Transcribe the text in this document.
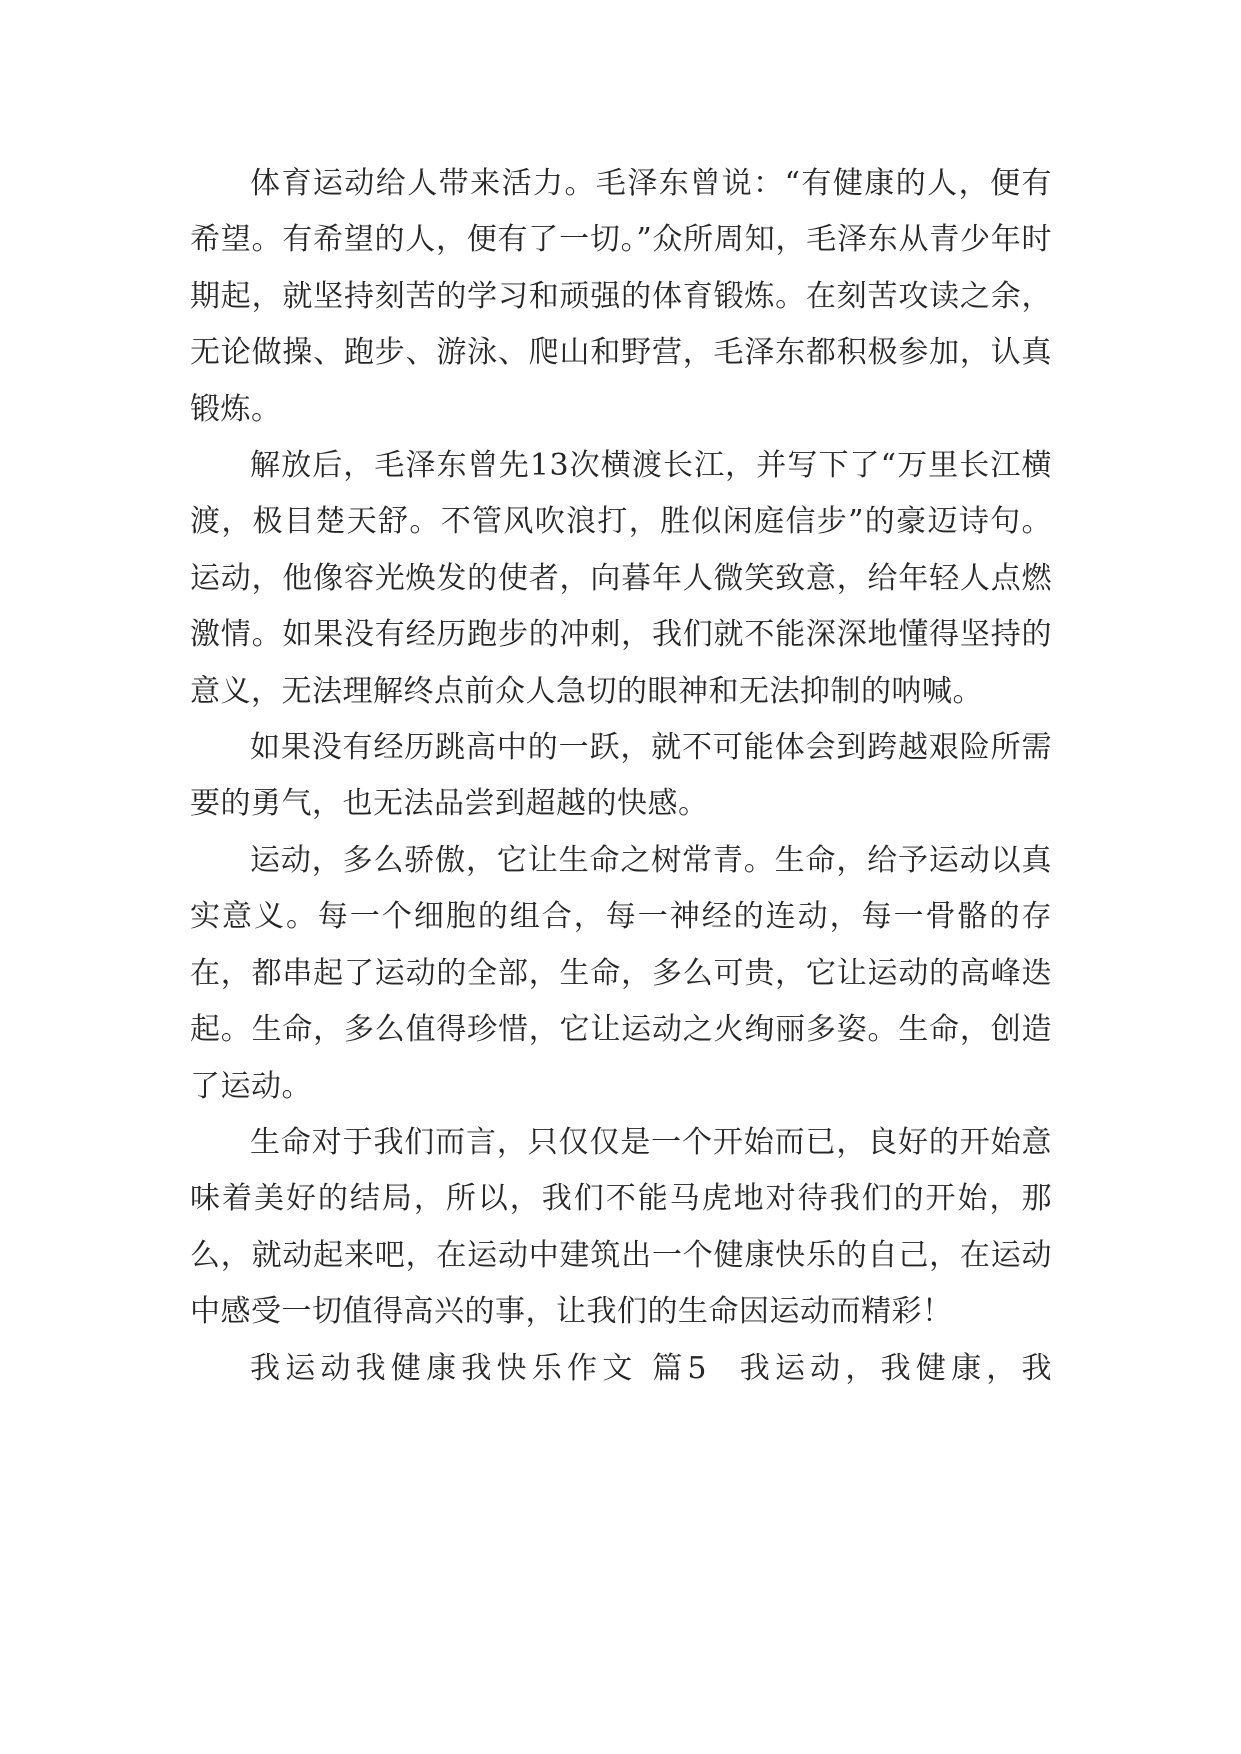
体育运动给人带来活力。毛泽东曾说：“有健康的人，便有希望。有希望的人，便有了一切。”众所周知，毛泽东从青少年时期起，就坚持刻苦的学习和顽强的体育锻炼。在刻苦攻读之余，无论做操、跑步、游泳、爬山和野营，毛泽东都积极参加，认真锻炼。

解放后，毛泽东曾先13次横渡长江，并写下了“万里长江横渡，极目楚天舒。不管风吹浪打，胜似闲庭信步”的豪迈诗句。运动，他像容光焕发的使者，向暮年人微笑致意，给年轻人点燃激情。如果没有经历跑步的冲刺，我们就不能深深地懂得坚持的意义，无法理解终点前众人急切的眼神和无法抑制的呐喊。

如果没有经历跳高中的一跃，就不可能体会到跨越艰险所需要的勇气，也无法品尝到超越的快感。

运动，多么骄傲，它让生命之树常青。生命，给予运动以真实意义。每一个细胞的组合，每一神经的连动，每一骨骼的存在，都串起了运动的全部，生命，多么可贵，它让运动的高峰迭起。生命，多么值得珍惜，它让运动之火绚丽多姿。生命，创造了运动。

生命对于我们而言，只仅仅是一个开始而已，良好的开始意味着美好的结局，所以，我们不能马虎地对待我们的开始，那么，就动起来吧，在运动中建筑出一个健康快乐的自己，在运动中感受一切值得高兴的事，让我们的生命因运动而精彩！

我运动我健康我快乐作文 篇5 我运动，我健康，我
